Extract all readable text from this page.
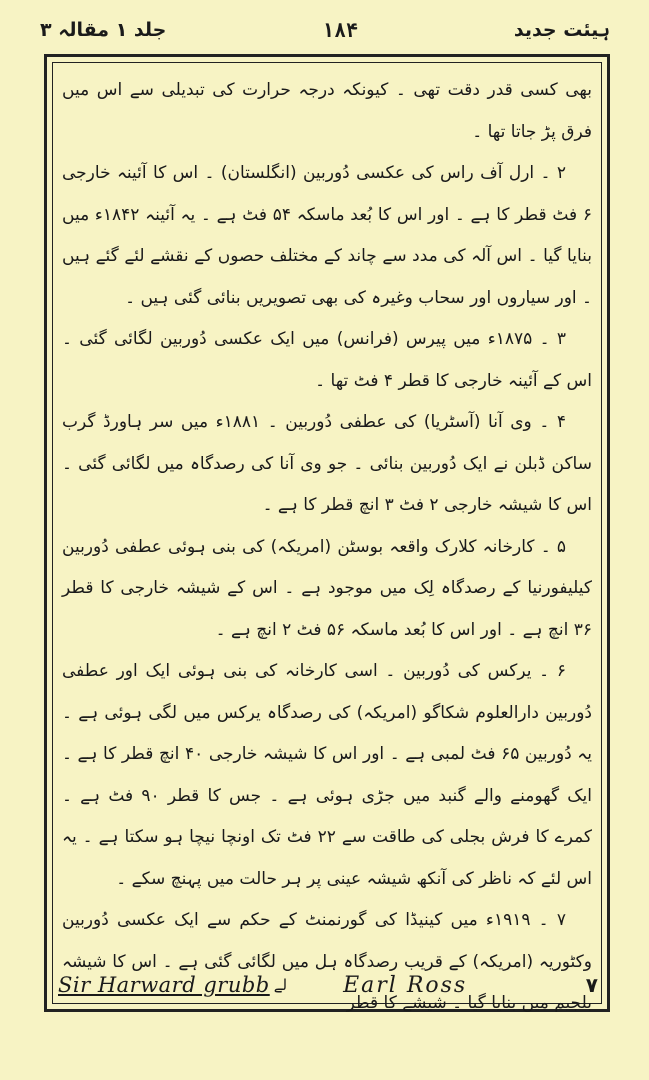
ہیئت جدید
۱۸۴
جلد ۱ مقالہ ۳

بھی کسی قدر دقت تھی ۔ کیونکہ درجہ حرارت کی تبدیلی سے اس میں فرق پڑ جاتا تھا ۔

۲ ۔ ارل آف راس کی عکسی دُوربین (انگلستان) ۔ اس کا آئینہ خارجی ۶ فٹ قطر کا ہے ۔ اور اس کا بُعد ماسکہ ۵۴ فٹ ہے ۔ یہ آئینہ ۱۸۴۲ء میں بنایا گیا ۔ اس آلہ کی مدد سے چاند کے مختلف حصوں کے نقشے لئے گئے ہیں ۔ اور سیاروں اور سحاب وغیرہ کی بھی تصویریں بنائی گئی ہیں ۔

۳ ۔ ۱۸۷۵ء میں پیرس (فرانس) میں ایک عکسی دُوربین لگائی گئی ۔ اس کے آئینہ خارجی کا قطر ۴ فٹ تھا ۔

۴ ۔ وی آنا (آسٹریا) کی عطفی دُوربین ۔ ۱۸۸۱ء میں سر ہاورڈ گرب ساکن ڈبلن نے ایک دُوربین بنائی ۔ جو وی آنا کی رصدگاہ میں لگائی گئی ۔ اس کا شیشہ خارجی ۲ فٹ ۳ انچ قطر کا ہے ۔

۵ ۔ کارخانہ کلارک واقعہ بوسٹن (امریکہ) کی بنی ہوئی عطفی دُوربین کیلیفورنیا کے رصدگاہ لِک میں موجود ہے ۔ اس کے شیشہ خارجی کا قطر ۳۶ انچ ہے ۔ اور اس کا بُعد ماسکہ ۵۶ فٹ ۲ انچ ہے ۔

۶ ۔ یرکس کی دُوربین ۔ اسی کارخانہ کی بنی ہوئی ایک اور عطفی دُوربین دارالعلوم شکاگو (امریکہ) کی رصدگاہ یرکس میں لگی ہوئی ہے ۔ یہ دُوربین ۶۵ فٹ لمبی ہے ۔ اور اس کا شیشہ خارجی ۴۰ انچ قطر کا ہے ۔ ایک گھومنے والے گنبد میں جڑی ہوئی ہے ۔ جس کا قطر ۹۰ فٹ ہے ۔ کمرے کا فرش بجلی کی طاقت سے ۲۲ فٹ تک اونچا نیچا ہو سکتا ہے ۔ یہ اس لئے کہ ناظر کی آنکھ شیشہ عینی پر ہر حالت میں پہنچ سکے ۔

۷ ۔ ۱۹۱۹ء میں کینیڈا کی گورنمنٹ کے حکم سے ایک عکسی دُوربین وکٹوریہ (امریکہ) کے قریب رصدگاہ ہل میں لگائی گئی ہے ۔ اس کا شیشہ بلجیم میں بنایا گیا ۔ شیشے کا قطر

Sir Harward grubb لے	Earl Ross	۷
